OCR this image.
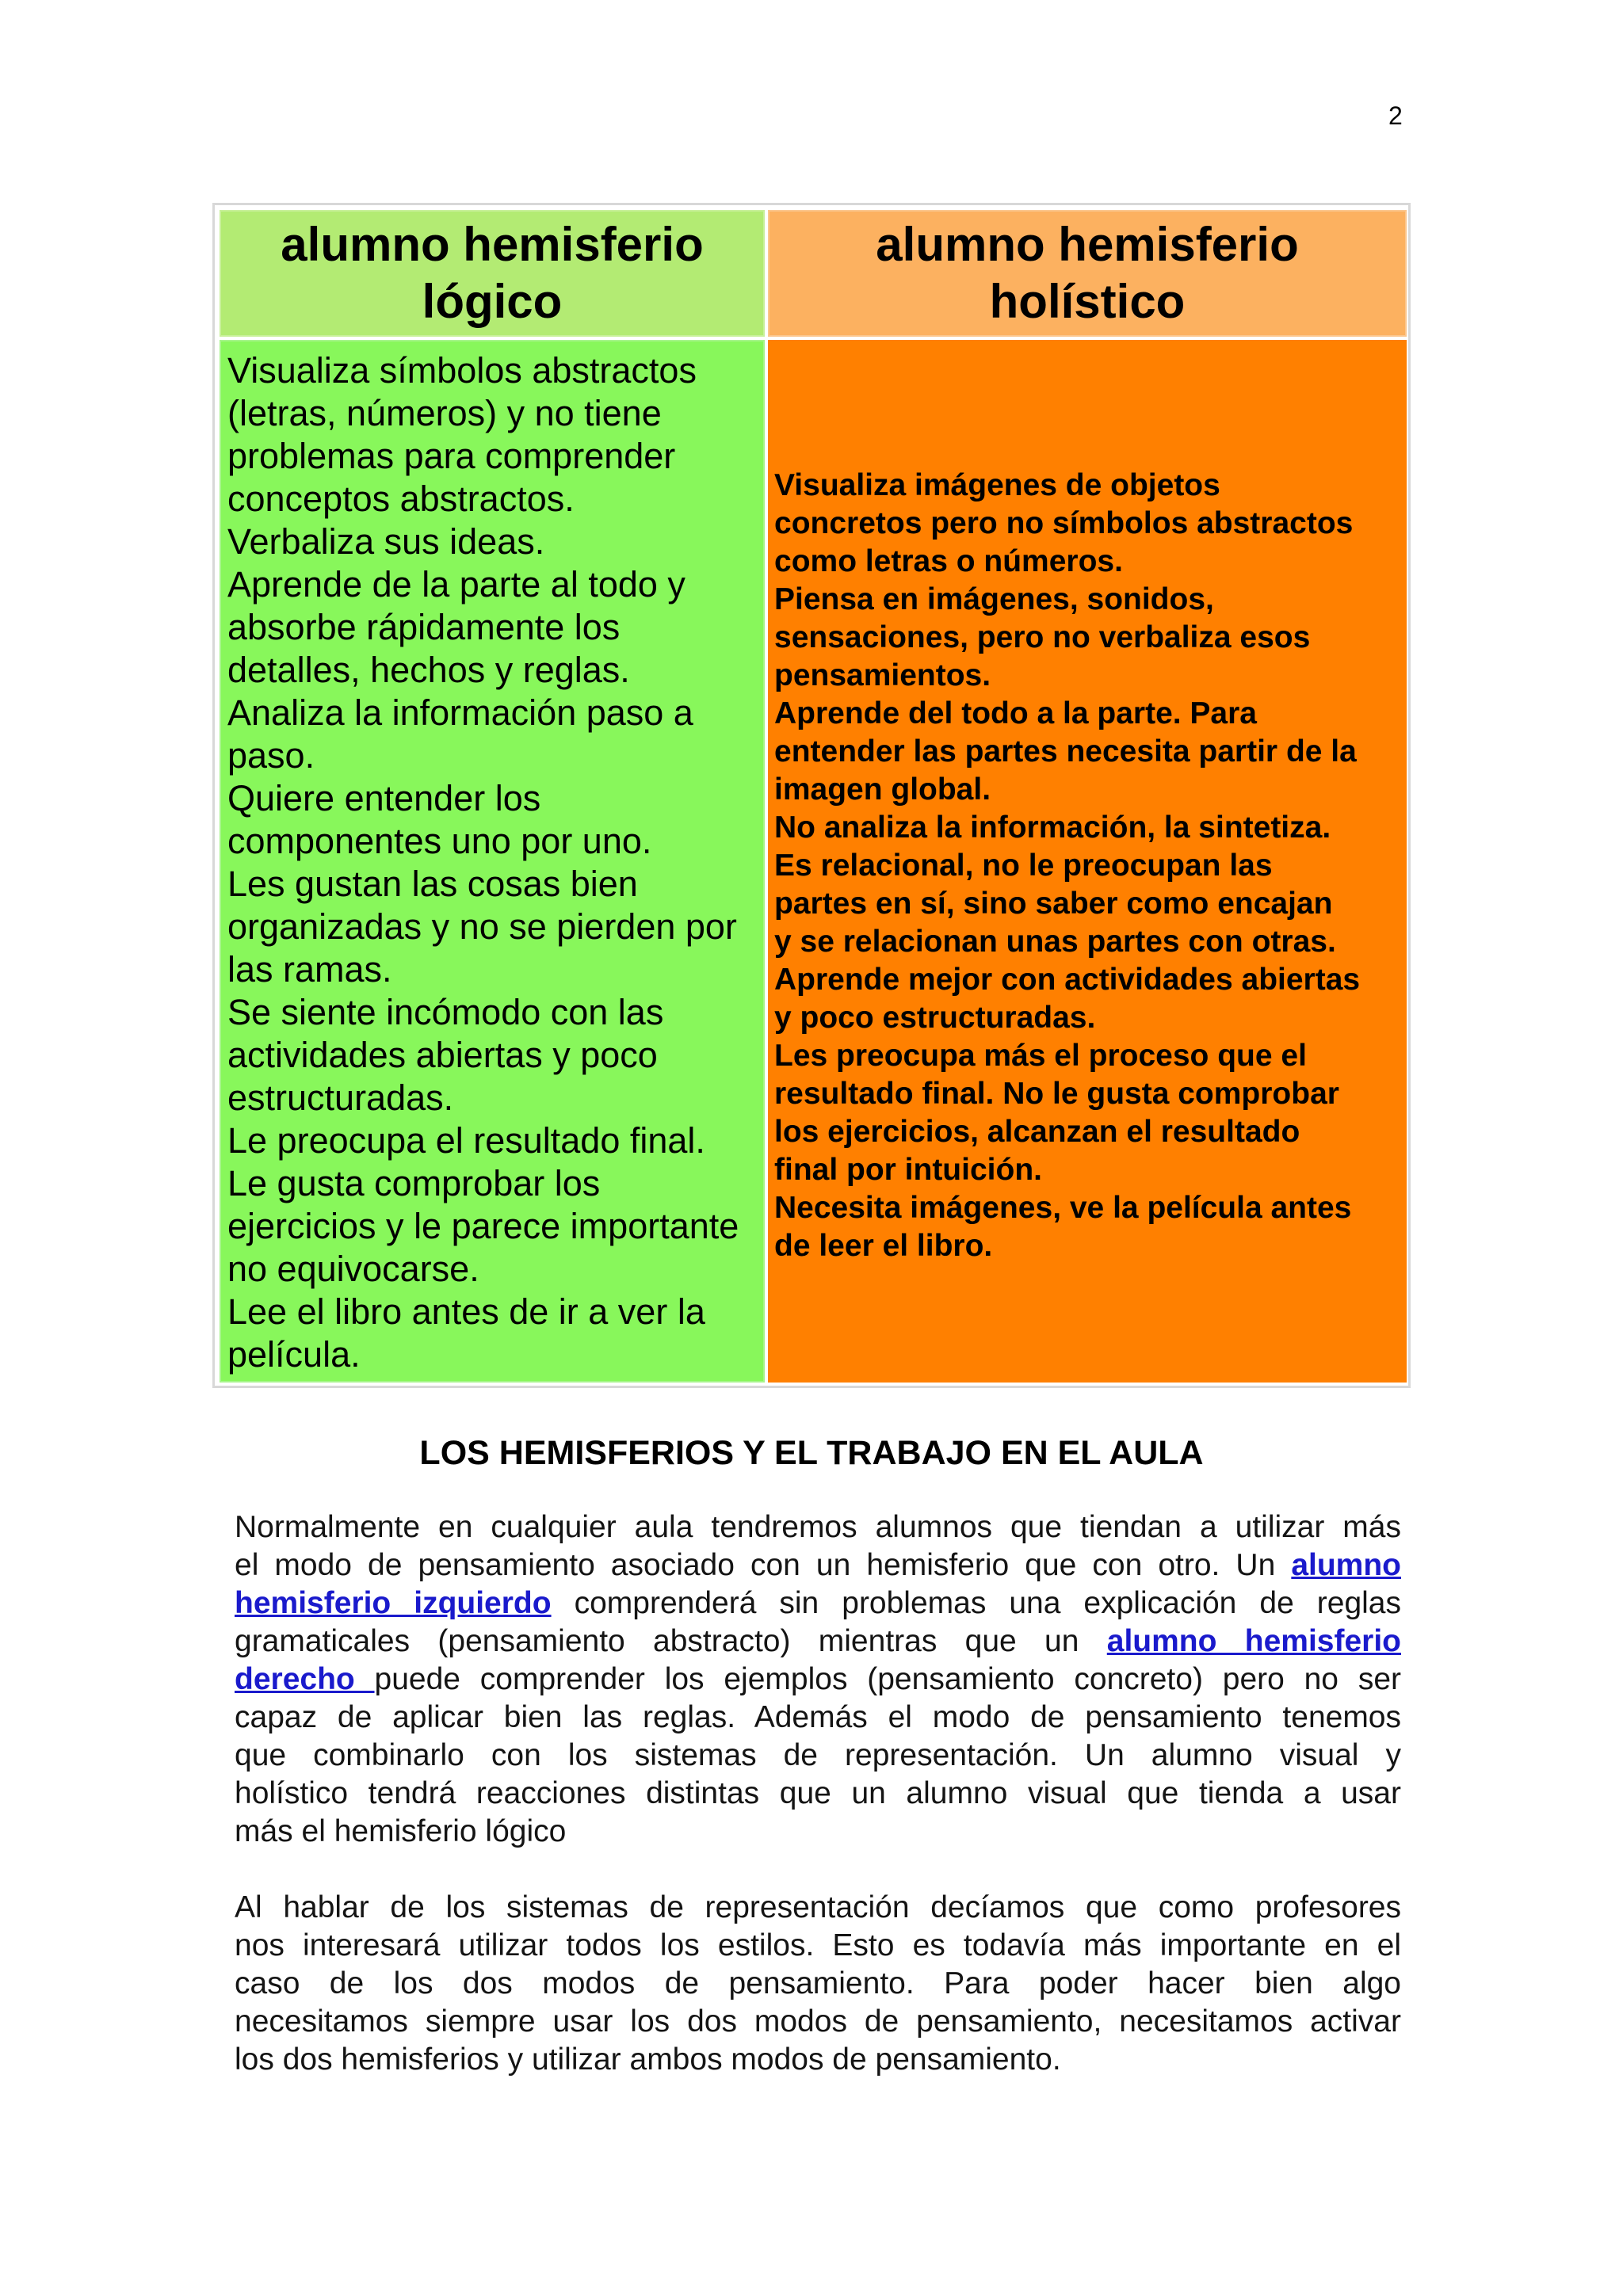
2
alumno hemisferio
lógico
alumno hemisferio
holístico
Visualiza símbolos abstractos
(letras, números) y no tiene
problemas para comprender
conceptos abstractos.
Verbaliza sus ideas.
Aprende de la parte al todo y
absorbe rápidamente los
detalles, hechos y reglas.
Analiza la información paso a
paso.
Quiere entender los
componentes uno por uno.
Les gustan las cosas bien
organizadas y no se pierden por
las ramas.
Se siente incómodo con las
actividades abiertas y poco
estructuradas.
Le preocupa el resultado final.
Le gusta comprobar los
ejercicios y le parece importante
no equivocarse.
Lee el libro antes de ir a ver la
película.
Visualiza imágenes de objetos
concretos pero no símbolos abstractos
como letras o números.
Piensa en imágenes, sonidos,
sensaciones, pero no verbaliza esos
pensamientos.
Aprende del todo a la parte. Para
entender las partes necesita partir de la
imagen global.
No analiza la información, la sintetiza.
Es relacional, no le preocupan las
partes en sí, sino saber como encajan
y se relacionan unas partes con otras.
Aprende mejor con actividades abiertas
y poco estructuradas.
Les preocupa más el proceso que el
resultado final. No le gusta comprobar
los ejercicios, alcanzan el resultado
final por intuición.
Necesita imágenes, ve la película antes
de leer el libro.
LOS HEMISFERIOS Y EL TRABAJO EN EL AULA
Normalmente en cualquier aula tendremos alumnos que tiendan a utilizar más
el modo de pensamiento asociado con un hemisferio que con otro. Un alumno
hemisferio izquierdo comprenderá sin problemas una explicación de reglas
gramaticales (pensamiento abstracto) mientras que un alumno hemisferio
derecho puede comprender los ejemplos (pensamiento concreto) pero no ser
capaz de aplicar bien las reglas. Además el modo de pensamiento tenemos
que combinarlo con los sistemas de representación. Un alumno visual y
holístico tendrá reacciones distintas que un alumno visual que tienda a usar
más el hemisferio lógico
Al hablar de los sistemas de representación decíamos que como profesores
nos interesará utilizar todos los estilos. Esto es todavía más importante en el
caso de los dos modos de pensamiento. Para poder hacer bien algo
necesitamos siempre usar los dos modos de pensamiento, necesitamos activar
los dos hemisferios y utilizar ambos modos de pensamiento.
